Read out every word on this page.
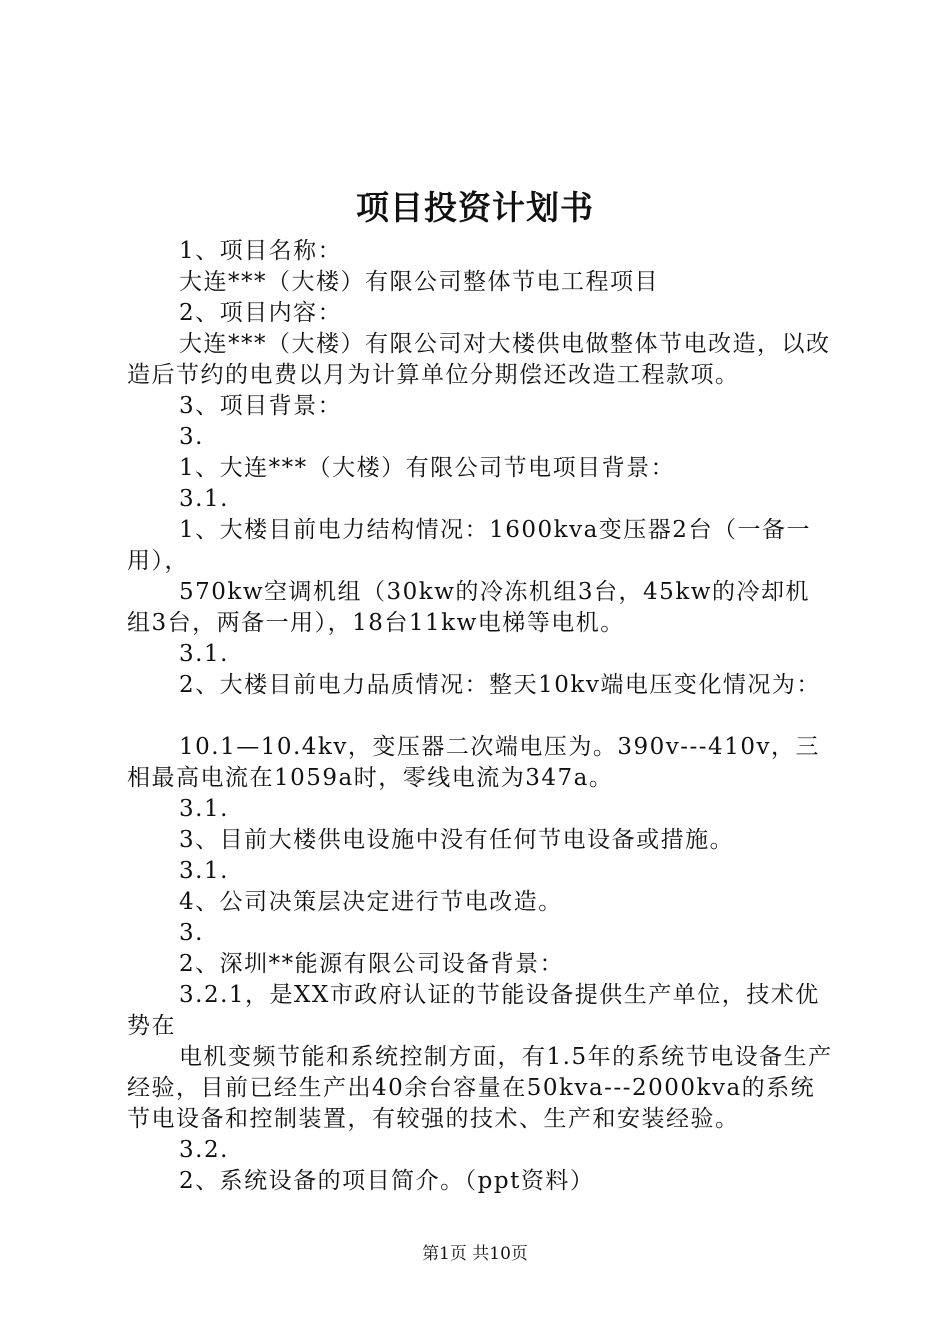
项目投资计划书

1、项目名称：

大连***（大楼）有限公司整体节电工程项目

2、项目内容：

大连***（大楼）有限公司对大楼供电做整体节电改造，以改造后节约的电费以月为计算单位分期偿还改造工程款项。

3、项目背景：

3.

1、大连***（大楼）有限公司节电项目背景：

3.1.

1、大楼目前电力结构情况：1600kva变压器2台（一备一用），

570kw空调机组（30kw的冷冻机组3台，45kw的冷却机组3台，两备一用），18台11kw电梯等电机。

3.1.

2、大楼目前电力品质情况：整天10kv端电压变化情况为：

10.1—10.4kv，变压器二次端电压为。390v---410v，三相最高电流在1059a时，零线电流为347a。

3.1.

3、目前大楼供电设施中没有任何节电设备或措施。

3.1.

4、公司决策层决定进行节电改造。

3.

2、深圳**能源有限公司设备背景：

3.2.1，是XX市政府认证的节能设备提供生产单位，技术优势在

电机变频节能和系统控制方面，有1.5年的系统节电设备生产经验，目前已经生产出40余台容量在50kva---2000kva的系统节电设备和控制装置，有较强的技术、生产和安装经验。

3.2.

2、系统设备的项目简介。（ppt资料）

第1页 共10页
